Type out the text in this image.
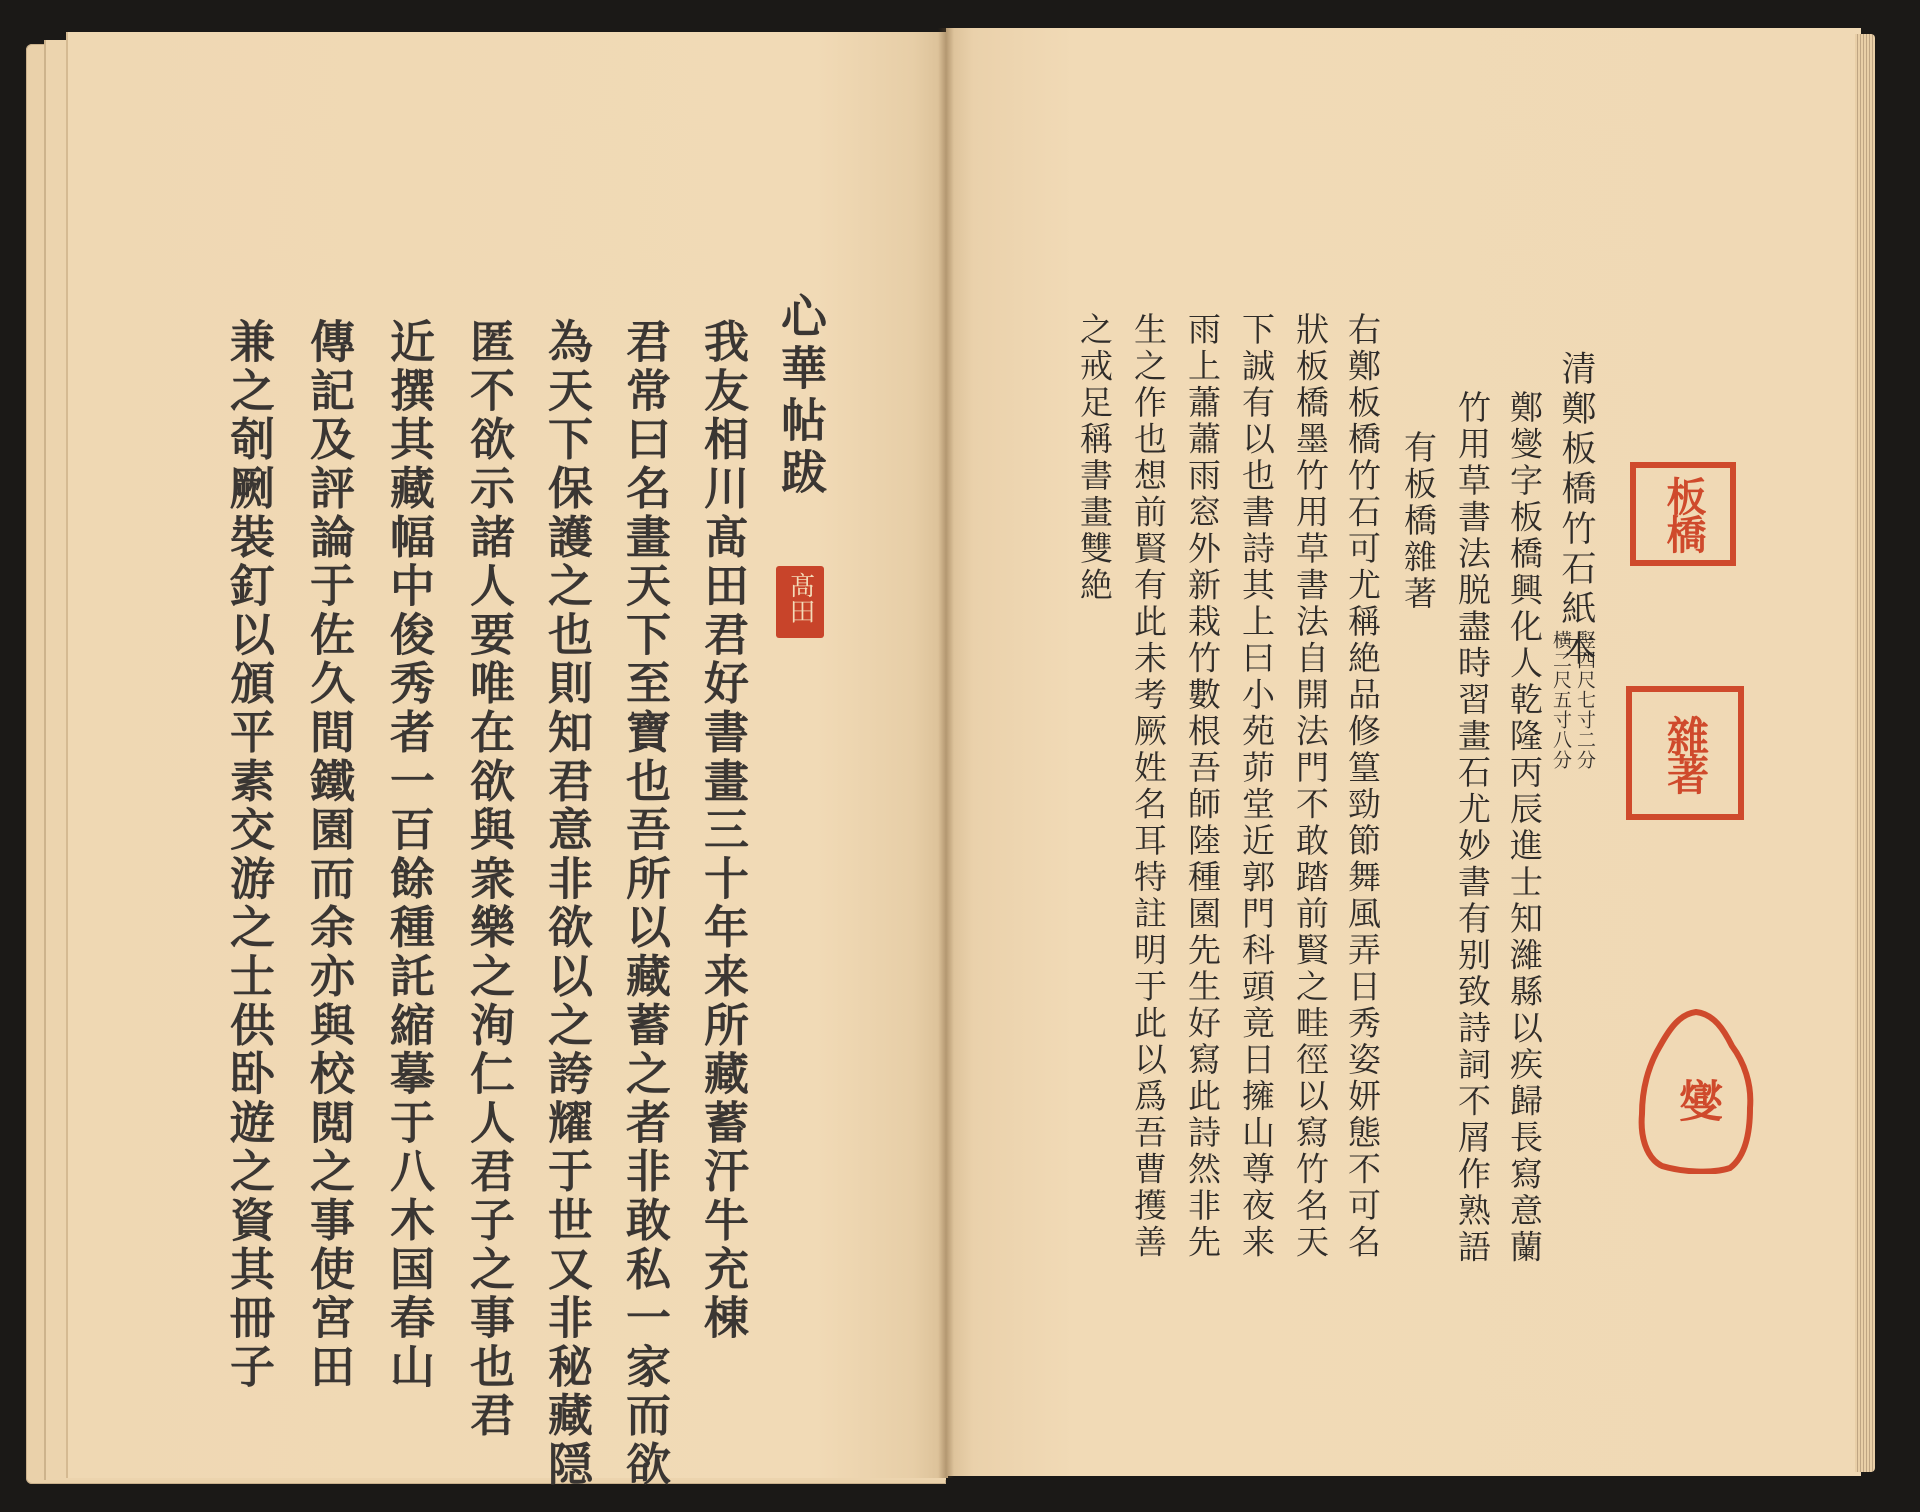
心華帖跋
髙田
我友相川髙田君好書畫三十年来所藏蓄汗牛充棟
君常曰名畫天下至寶也吾所以藏蓄之者非敢私一家而欲
為天下保護之也則知君意非欲以之誇耀于世又非秘藏隠
匿不欲示諸人要唯在欲與衆樂之洵仁人君子之事也君
近撰其藏幅中俊秀者一百餘種託縮摹于八木国春山
傳記及評論于佐久間鐵園而余亦與校閲之事使宮田
兼之剞劂裝釘以頒平素交游之士供卧遊之資其冊子	清鄭板橋竹石紙本
竪四尺七寸二分
横二尺五寸八分
鄭燮字板橋興化人乾隆丙辰進士知濰縣以疾歸長寫意蘭
竹用草書法脱盡時習畫石尤妙書有别致詩詞不屑作熟語
有板橋雜著
右鄭板橋竹石可尤稱絶品修篁勁節舞風弄日秀姿妍態不可名
狀板橋墨竹用草書法自開法門不敢踏前賢之畦徑以寫竹名天
下誠有以也書詩其上曰小苑茆堂近郭門科頭竟日擁山尊夜来
雨上蕭蕭雨窓外新栽竹數根吾師陸種園先生好寫此詩然非先
生之作也想前賢有此未考厥姓名耳特註明于此以爲吾曹擭善
之戒足稱書畫雙絶	板橋
雜著
燮
